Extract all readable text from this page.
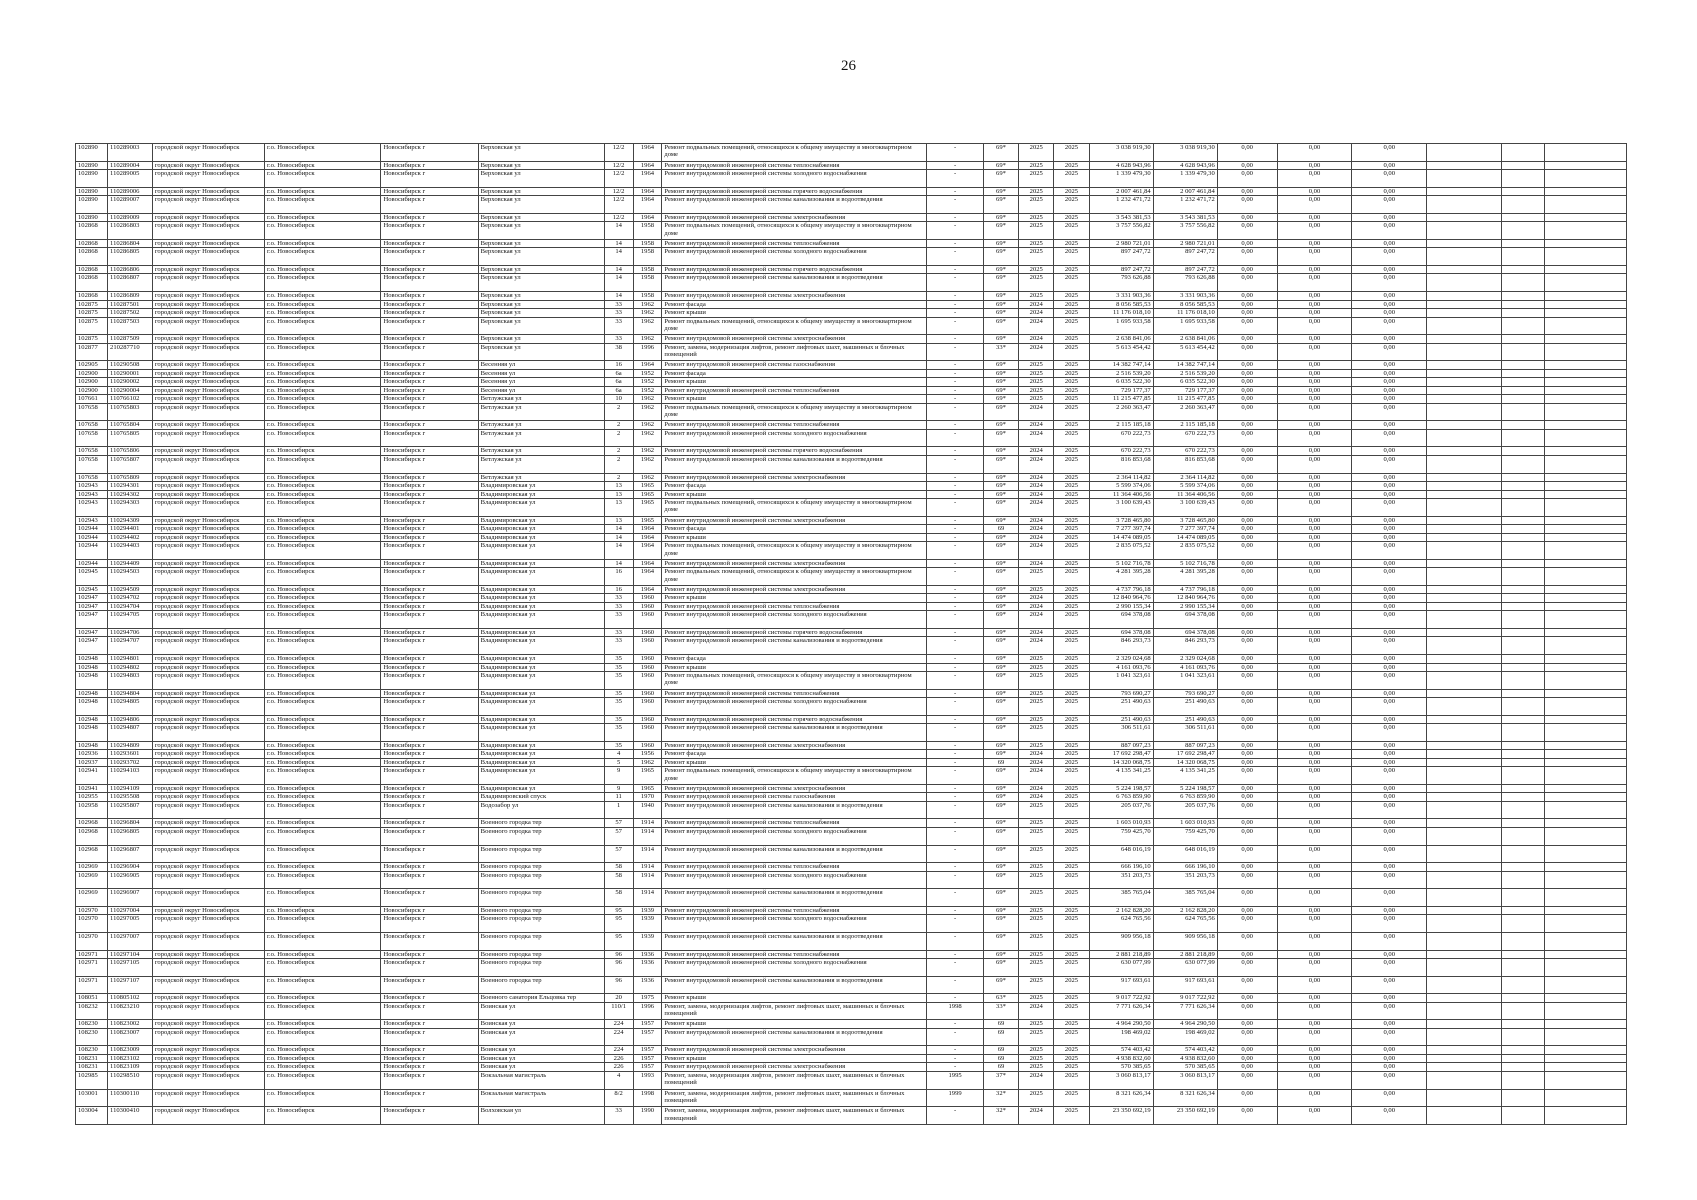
26
102890	110289003	городской округ Новосибирск	г.о. Новосибирск	Новосибирск г	Верховская ул	12/2	1964	Ремонт подвальных помещений, относящихся к общему имуществу в многоквартирном доме	-	69*	2025	2025	3 038 919,30	3 038 919,30	0,00	0,00	0,00			
102890	110289004	городской округ Новосибирск	г.о. Новосибирск	Новосибирск г	Верховская ул	12/2	1964	Ремонт внутридомовой инженерной системы теплоснабжения	-	69*	2025	2025	4 628 943,96	4 628 943,96	0,00	0,00	0,00			
102890	110289005	городской округ Новосибирск	г.о. Новосибирск	Новосибирск г	Верховская ул	12/2	1964	Ремонт внутридомовой инженерной системы холодного водоснабжения	-	69*	2025	2025	1 339 479,30	1 339 479,30	0,00	0,00	0,00			
102890	110289006	городской округ Новосибирск	г.о. Новосибирск	Новосибирск г	Верховская ул	12/2	1964	Ремонт внутридомовой инженерной системы горячего водоснабжения	-	69*	2025	2025	2 007 461,84	2 007 461,84	0,00	0,00	0,00			
102890	110289007	городской округ Новосибирск	г.о. Новосибирск	Новосибирск г	Верховская ул	12/2	1964	Ремонт внутридомовой инженерной системы канализования и водоотведения	-	69*	2025	2025	1 232 471,72	1 232 471,72	0,00	0,00	0,00			
102890	110289009	городской округ Новосибирск	г.о. Новосибирск	Новосибирск г	Верховская ул	12/2	1964	Ремонт внутридомовой инженерной системы электроснабжения	-	69*	2025	2025	3 543 381,53	3 543 381,53	0,00	0,00	0,00			
102868	110286803	городской округ Новосибирск	г.о. Новосибирск	Новосибирск г	Верховская ул	14	1958	Ремонт подвальных помещений, относящихся к общему имуществу в многоквартирном доме	-	69*	2025	2025	3 757 556,82	3 757 556,82	0,00	0,00	0,00			
102868	110286804	городской округ Новосибирск	г.о. Новосибирск	Новосибирск г	Верховская ул	14	1958	Ремонт внутридомовой инженерной системы теплоснабжения	-	69*	2025	2025	2 980 721,01	2 980 721,01	0,00	0,00	0,00			
102868	110286805	городской округ Новосибирск	г.о. Новосибирск	Новосибирск г	Верховская ул	14	1958	Ремонт внутридомовой инженерной системы холодного водоснабжения	-	69*	2025	2025	897 247,72	897 247,72	0,00	0,00	0,00			
102868	110286806	городской округ Новосибирск	г.о. Новосибирск	Новосибирск г	Верховская ул	14	1958	Ремонт внутридомовой инженерной системы горячего водоснабжения	-	69*	2025	2025	897 247,72	897 247,72	0,00	0,00	0,00			
102868	110286807	городской округ Новосибирск	г.о. Новосибирск	Новосибирск г	Верховская ул	14	1958	Ремонт внутридомовой инженерной системы канализования и водоотведения	-	69*	2025	2025	793 626,88	793 626,88	0,00	0,00	0,00			
102868	110286809	городской округ Новосибирск	г.о. Новосибирск	Новосибирск г	Верховская ул	14	1958	Ремонт внутридомовой инженерной системы электроснабжения	-	69*	2025	2025	3 331 903,36	3 331 903,36	0,00	0,00	0,00			
102875	110287501	городской округ Новосибирск	г.о. Новосибирск	Новосибирск г	Верховская ул	33	1962	Ремонт фасада	-	69*	2024	2025	8 056 585,53	8 056 585,53	0,00	0,00	0,00			
102875	110287502	городской округ Новосибирск	г.о. Новосибирск	Новосибирск г	Верховская ул	33	1962	Ремонт крыши	-	69*	2024	2025	11 176 018,10	11 176 018,10	0,00	0,00	0,00			
102875	110287503	городской округ Новосибирск	г.о. Новосибирск	Новосибирск г	Верховская ул	33	1962	Ремонт подвальных помещений, относящихся к общему имуществу в многоквартирном доме	-	69*	2024	2025	1 695 933,58	1 695 933,58	0,00	0,00	0,00			
102875	110287509	городской округ Новосибирск	г.о. Новосибирск	Новосибирск г	Верховская ул	33	1962	Ремонт внутридомовой инженерной системы электроснабжения	-	69*	2024	2025	2 638 841,06	2 638 841,06	0,00	0,00	0,00			
102877	210287710	городской округ Новосибирск	г.о. Новосибирск	Новосибирск г	Верховская ул	38	1996	Ремонт, замена, модернизация лифтов, ремонт лифтовых шахт, машинных и блочных помещений	-	33*	2024	2025	5 613 454,42	5 613 454,42	0,00	0,00	0,00			
102905	110290508	городской округ Новосибирск	г.о. Новосибирск	Новосибирск г	Весенняя ул	16	1964	Ремонт внутридомовой инженерной системы газоснабжения	-	69*	2025	2025	14 382 747,14	14 382 747,14	0,00	0,00	0,00			
102900	110290001	городской округ Новосибирск	г.о. Новосибирск	Новосибирск г	Весенняя ул	6а	1952	Ремонт фасада	-	69*	2025	2025	2 516 539,20	2 516 539,20	0,00	0,00	0,00			
102900	110290002	городской округ Новосибирск	г.о. Новосибирск	Новосибирск г	Весенняя ул	6а	1952	Ремонт крыши	-	69*	2025	2025	6 035 522,30	6 035 522,30	0,00	0,00	0,00			
102900	110290004	городской округ Новосибирск	г.о. Новосибирск	Новосибирск г	Весенняя ул	6а	1952	Ремонт внутридомовой инженерной системы теплоснабжения	-	69*	2025	2025	729 177,37	729 177,37	0,00	0,00	0,00			
107661	110766102	городской округ Новосибирск	г.о. Новосибирск	Новосибирск г	Ветлужская ул	10	1962	Ремонт крыши	-	69*	2025	2025	11 215 477,85	11 215 477,85	0,00	0,00	0,00			
107658	110765803	городской округ Новосибирск	г.о. Новосибирск	Новосибирск г	Ветлужская ул	2	1962	Ремонт подвальных помещений, относящихся к общему имуществу в многоквартирном доме	-	69*	2024	2025	2 260 363,47	2 260 363,47	0,00	0,00	0,00			
107658	110765804	городской округ Новосибирск	г.о. Новосибирск	Новосибирск г	Ветлужская ул	2	1962	Ремонт внутридомовой инженерной системы теплоснабжения	-	69*	2024	2025	2 115 185,18	2 115 185,18	0,00	0,00	0,00			
107658	110765805	городской округ Новосибирск	г.о. Новосибирск	Новосибирск г	Ветлужская ул	2	1962	Ремонт внутридомовой инженерной системы холодного водоснабжения	-	69*	2024	2025	670 222,73	670 222,73	0,00	0,00	0,00			
107658	110765806	городской округ Новосибирск	г.о. Новосибирск	Новосибирск г	Ветлужская ул	2	1962	Ремонт внутридомовой инженерной системы горячего водоснабжения	-	69*	2024	2025	670 222,73	670 222,73	0,00	0,00	0,00			
107658	110765807	городской округ Новосибирск	г.о. Новосибирск	Новосибирск г	Ветлужская ул	2	1962	Ремонт внутридомовой инженерной системы канализования и водоотведения	-	69*	2024	2025	816 853,68	816 853,68	0,00	0,00	0,00			
107658	110765809	городской округ Новосибирск	г.о. Новосибирск	Новосибирск г	Ветлужская ул	2	1962	Ремонт внутридомовой инженерной системы электроснабжения	-	69*	2024	2025	2 364 114,82	2 364 114,82	0,00	0,00	0,00			
102943	110294301	городской округ Новосибирск	г.о. Новосибирск	Новосибирск г	Владимировская ул	13	1965	Ремонт фасада	-	69*	2024	2025	5 599 374,06	5 599 374,06	0,00	0,00	0,00			
102943	110294302	городской округ Новосибирск	г.о. Новосибирск	Новосибирск г	Владимировская ул	13	1965	Ремонт крыши	-	69*	2024	2025	11 364 406,56	11 364 406,56	0,00	0,00	0,00			
102943	110294303	городской округ Новосибирск	г.о. Новосибирск	Новосибирск г	Владимировская ул	13	1965	Ремонт подвальных помещений, относящихся к общему имуществу в многоквартирном доме	-	69*	2024	2025	3 100 639,43	3 100 639,43	0,00	0,00	0,00			
102943	110294309	городской округ Новосибирск	г.о. Новосибирск	Новосибирск г	Владимировская ул	13	1965	Ремонт внутридомовой инженерной системы электроснабжения	-	69*	2024	2025	3 728 465,80	3 728 465,80	0,00	0,00	0,00			
102944	110294401	городской округ Новосибирск	г.о. Новосибирск	Новосибирск г	Владимировская ул	14	1964	Ремонт фасада	-	69	2024	2025	7 277 397,74	7 277 397,74	0,00	0,00	0,00			
102944	110294402	городской округ Новосибирск	г.о. Новосибирск	Новосибирск г	Владимировская ул	14	1964	Ремонт крыши	-	69*	2024	2025	14 474 089,05	14 474 089,05	0,00	0,00	0,00			
102944	110294403	городской округ Новосибирск	г.о. Новосибирск	Новосибирск г	Владимировская ул	14	1964	Ремонт подвальных помещений, относящихся к общему имуществу в многоквартирном доме	-	69*	2024	2025	2 835 075,52	2 835 075,52	0,00	0,00	0,00			
102944	110294409	городской округ Новосибирск	г.о. Новосибирск	Новосибирск г	Владимировская ул	14	1964	Ремонт внутридомовой инженерной системы электроснабжения	-	69*	2024	2025	5 102 716,78	5 102 716,78	0,00	0,00	0,00			
102945	110294503	городской округ Новосибирск	г.о. Новосибирск	Новосибирск г	Владимировская ул	16	1964	Ремонт подвальных помещений, относящихся к общему имуществу в многоквартирном доме	-	69*	2025	2025	4 281 395,28	4 281 395,28	0,00	0,00	0,00			
102945	110294509	городской округ Новосибирск	г.о. Новосибирск	Новосибирск г	Владимировская ул	16	1964	Ремонт внутридомовой инженерной системы электроснабжения	-	69*	2025	2025	4 737 796,18	4 737 796,18	0,00	0,00	0,00			
102947	110294702	городской округ Новосибирск	г.о. Новосибирск	Новосибирск г	Владимировская ул	33	1960	Ремонт крыши	-	69*	2024	2025	12 840 964,76	12 840 964,76	0,00	0,00	0,00			
102947	110294704	городской округ Новосибирск	г.о. Новосибирск	Новосибирск г	Владимировская ул	33	1960	Ремонт внутридомовой инженерной системы теплоснабжения	-	69*	2024	2025	2 990 155,34	2 990 155,34	0,00	0,00	0,00			
102947	110294705	городской округ Новосибирск	г.о. Новосибирск	Новосибирск г	Владимировская ул	33	1960	Ремонт внутридомовой инженерной системы холодного водоснабжения	-	69*	2024	2025	694 378,08	694 378,08	0,00	0,00	0,00			
102947	110294706	городской округ Новосибирск	г.о. Новосибирск	Новосибирск г	Владимировская ул	33	1960	Ремонт внутридомовой инженерной системы горячего водоснабжения	-	69*	2024	2025	694 378,08	694 378,08	0,00	0,00	0,00			
102947	110294707	городской округ Новосибирск	г.о. Новосибирск	Новосибирск г	Владимировская ул	33	1960	Ремонт внутридомовой инженерной системы канализования и водоотведения	-	69*	2024	2025	846 293,73	846 293,73	0,00	0,00	0,00			
102948	110294801	городской округ Новосибирск	г.о. Новосибирск	Новосибирск г	Владимировская ул	35	1960	Ремонт фасада	-	69*	2025	2025	2 329 024,68	2 329 024,68	0,00	0,00	0,00			
102948	110294802	городской округ Новосибирск	г.о. Новосибирск	Новосибирск г	Владимировская ул	35	1960	Ремонт крыши	-	69*	2025	2025	4 161 093,76	4 161 093,76	0,00	0,00	0,00			
102948	110294803	городской округ Новосибирск	г.о. Новосибирск	Новосибирск г	Владимировская ул	35	1960	Ремонт подвальных помещений, относящихся к общему имуществу в многоквартирном доме	-	69*	2025	2025	1 041 323,61	1 041 323,61	0,00	0,00	0,00			
102948	110294804	городской округ Новосибирск	г.о. Новосибирск	Новосибирск г	Владимировская ул	35	1960	Ремонт внутридомовой инженерной системы теплоснабжения	-	69*	2025	2025	793 690,27	793 690,27	0,00	0,00	0,00			
102948	110294805	городской округ Новосибирск	г.о. Новосибирск	Новосибирск г	Владимировская ул	35	1960	Ремонт внутридомовой инженерной системы холодного водоснабжения	-	69*	2025	2025	251 490,63	251 490,63	0,00	0,00	0,00			
102948	110294806	городской округ Новосибирск	г.о. Новосибирск	Новосибирск г	Владимировская ул	35	1960	Ремонт внутридомовой инженерной системы горячего водоснабжения	-	69*	2025	2025	251 490,63	251 490,63	0,00	0,00	0,00			
102948	110294807	городской округ Новосибирск	г.о. Новосибирск	Новосибирск г	Владимировская ул	35	1960	Ремонт внутридомовой инженерной системы канализования и водоотведения	-	69*	2025	2025	306 511,61	306 511,61	0,00	0,00	0,00			
102948	110294809	городской округ Новосибирск	г.о. Новосибирск	Новосибирск г	Владимировская ул	35	1960	Ремонт внутридомовой инженерной системы электроснабжения	-	69*	2025	2025	887 097,23	887 097,23	0,00	0,00	0,00			
102936	110293601	городской округ Новосибирск	г.о. Новосибирск	Новосибирск г	Владимировская ул	4	1956	Ремонт фасада	-	69*	2024	2025	17 692 298,47	17 692 298,47	0,00	0,00	0,00			
102937	110293702	городской округ Новосибирск	г.о. Новосибирск	Новосибирск г	Владимировская ул	5	1962	Ремонт крыши	-	69	2024	2025	14 320 068,75	14 320 068,75	0,00	0,00	0,00			
102941	110294103	городской округ Новосибирск	г.о. Новосибирск	Новосибирск г	Владимировская ул	9	1965	Ремонт подвальных помещений, относящихся к общему имуществу в многоквартирном доме	-	69*	2024	2025	4 135 341,25	4 135 341,25	0,00	0,00	0,00			
102941	110294109	городской округ Новосибирск	г.о. Новосибирск	Новосибирск г	Владимировская ул	9	1965	Ремонт внутридомовой инженерной системы электроснабжения	-	69*	2024	2025	5 224 198,57	5 224 198,57	0,00	0,00	0,00			
102955	110295508	городской округ Новосибирск	г.о. Новосибирск	Новосибирск г	Владимировский спуск	11	1970	Ремонт внутридомовой инженерной системы газоснабжения	-	69*	2024	2025	6 763 859,90	6 763 859,90	0,00	0,00	0,00			
102958	110295807	городской округ Новосибирск	г.о. Новосибирск	Новосибирск г	Водозабор ул	1	1940	Ремонт внутридомовой инженерной системы канализования и водоотведения	-	69*	2025	2025	205 037,76	205 037,76	0,00	0,00	0,00			
102968	110296804	городской округ Новосибирск	г.о. Новосибирск	Новосибирск г	Военного городка тер	57	1914	Ремонт внутридомовой инженерной системы теплоснабжения	-	69*	2025	2025	1 603 010,93	1 603 010,93	0,00	0,00	0,00			
102968	110296805	городской округ Новосибирск	г.о. Новосибирск	Новосибирск г	Военного городка тер	57	1914	Ремонт внутридомовой инженерной системы холодного водоснабжения	-	69*	2025	2025	759 425,70	759 425,70	0,00	0,00	0,00			
102968	110296807	городской округ Новосибирск	г.о. Новосибирск	Новосибирск г	Военного городка тер	57	1914	Ремонт внутридомовой инженерной системы канализования и водоотведения	-	69*	2025	2025	648 016,19	648 016,19	0,00	0,00	0,00			
102969	110296904	городской округ Новосибирск	г.о. Новосибирск	Новосибирск г	Военного городка тер	58	1914	Ремонт внутридомовой инженерной системы теплоснабжения	-	69*	2025	2025	666 196,10	666 196,10	0,00	0,00	0,00			
102969	110296905	городской округ Новосибирск	г.о. Новосибирск	Новосибирск г	Военного городка тер	58	1914	Ремонт внутридомовой инженерной системы холодного водоснабжения	-	69*	2025	2025	351 203,73	351 203,73	0,00	0,00	0,00			
102969	110296907	городской округ Новосибирск	г.о. Новосибирск	Новосибирск г	Военного городка тер	58	1914	Ремонт внутридомовой инженерной системы канализования и водоотведения	-	69*	2025	2025	385 765,04	385 765,04	0,00	0,00	0,00			
102970	110297004	городской округ Новосибирск	г.о. Новосибирск	Новосибирск г	Военного городка тер	95	1939	Ремонт внутридомовой инженерной системы теплоснабжения	-	69*	2025	2025	2 162 828,20	2 162 828,20	0,00	0,00	0,00			
102970	110297005	городской округ Новосибирск	г.о. Новосибирск	Новосибирск г	Военного городка тер	95	1939	Ремонт внутридомовой инженерной системы холодного водоснабжения	-	69*	2025	2025	624 765,56	624 765,56	0,00	0,00	0,00			
102970	110297007	городской округ Новосибирск	г.о. Новосибирск	Новосибирск г	Военного городка тер	95	1939	Ремонт внутридомовой инженерной системы канализования и водоотведения	-	69*	2025	2025	909 956,18	909 956,18	0,00	0,00	0,00			
102971	110297104	городской округ Новосибирск	г.о. Новосибирск	Новосибирск г	Военного городка тер	96	1936	Ремонт внутридомовой инженерной системы теплоснабжения	-	69*	2025	2025	2 881 218,89	2 881 218,89	0,00	0,00	0,00			
102971	110297105	городской округ Новосибирск	г.о. Новосибирск	Новосибирск г	Военного городка тер	96	1936	Ремонт внутридомовой инженерной системы холодного водоснабжения	-	69*	2025	2025	630 077,99	630 077,99	0,00	0,00	0,00			
102971	110297107	городской округ Новосибирск	г.о. Новосибирск	Новосибирск г	Военного городка тер	96	1936	Ремонт внутридомовой инженерной системы канализования и водоотведения	-	69*	2025	2025	917 693,61	917 693,61	0,00	0,00	0,00			
108051	110805102	городской округ Новосибирск	г.о. Новосибирск	Новосибирск г	Военного санатория Ельцовка тер	20	1975	Ремонт крыши	-	63*	2025	2025	9 017 722,92	9 017 722,92	0,00	0,00	0,00			
108232	110823210	городской округ Новосибирск	г.о. Новосибирск	Новосибирск г	Воинская ул	110/1	1996	Ремонт, замена, модернизация лифтов, ремонт лифтовых шахт, машинных и блочных помещений	1998	33*	2024	2025	7 771 626,34	7 771 626,34	0,00	0,00	0,00			
108230	110823002	городской округ Новосибирск	г.о. Новосибирск	Новосибирск г	Воинская ул	224	1957	Ремонт крыши	-	69	2025	2025	4 964 290,50	4 964 290,50	0,00	0,00	0,00			
108230	110823007	городской округ Новосибирск	г.о. Новосибирск	Новосибирск г	Воинская ул	224	1957	Ремонт внутридомовой инженерной системы канализования и водоотведения	-	69	2025	2025	198 469,02	198 469,02	0,00	0,00	0,00			
108230	110823009	городской округ Новосибирск	г.о. Новосибирск	Новосибирск г	Воинская ул	224	1957	Ремонт внутридомовой инженерной системы электроснабжения	-	69	2025	2025	574 403,42	574 403,42	0,00	0,00	0,00			
108231	110823102	городской округ Новосибирск	г.о. Новосибирск	Новосибирск г	Воинская ул	226	1957	Ремонт крыши	-	69	2025	2025	4 938 832,60	4 938 832,60	0,00	0,00	0,00			
108231	110823109	городской округ Новосибирск	г.о. Новосибирск	Новосибирск г	Воинская ул	226	1957	Ремонт внутридомовой инженерной системы электроснабжения	-	69	2025	2025	570 385,65	570 385,65	0,00	0,00	0,00			
102985	110298510	городской округ Новосибирск	г.о. Новосибирск	Новосибирск г	Вокзальная магистраль	4	1993	Ремонт, замена, модернизация лифтов, ремонт лифтовых шахт, машинных и блочных помещений	1995	37*	2024	2025	3 060 813,17	3 060 813,17	0,00	0,00	0,00			
103001	110300110	городской округ Новосибирск	г.о. Новосибирск	Новосибирск г	Вокзальная магистраль	8/2	1998	Ремонт, замена, модернизация лифтов, ремонт лифтовых шахт, машинных и блочных помещений	1999	32*	2025	2025	8 321 626,34	8 321 626,34	0,00	0,00	0,00			
103004	110300410	городской округ Новосибирск	г.о. Новосибирск	Новосибирск г	Волховская ул	33	1990	Ремонт, замена, модернизация лифтов, ремонт лифтовых шахт, машинных и блочных помещений	-	32*	2024	2025	23 350 692,19	23 350 692,19	0,00	0,00	0,00			
